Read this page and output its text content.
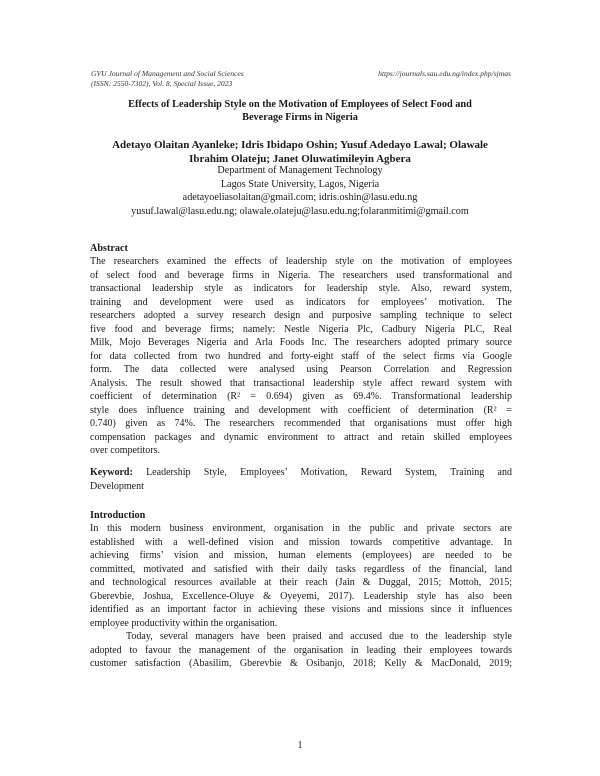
GVU Journal of Management and Social Sciences
(ISSN: 2550-7302), Vol. 8, Special Issue, 2023
https://journals.sau.edu.ng/index.php/sjmas
Effects of Leadership Style on the Motivation of Employees of Select Food and
Beverage Firms in Nigeria
Adetayo Olaitan Ayanleke; Idris Ibidapo Oshin; Yusuf Adedayo Lawal; Olawale
Ibrahim Olateju; Janet Oluwatimileyin Agbera
Department of Management Technology
Lagos State University, Lagos, Nigeria
adetayoeliasolaitan@gmail.com; idris.oshin@lasu.edu.ng
yusuf.lawal@lasu.edu.ng; olawale.olateju@lasu.edu.ng;folaranmitimi@gmail.com
Abstract
The researchers examined the effects of leadership style on the motivation of employees
of select food and beverage firms in Nigeria. The researchers used transformational and
transactional leadership style as indicators for leadership style. Also, reward system,
training and development were used as indicators for employees’ motivation. The
researchers adopted a survey research design and purposive sampling technique to select
five food and beverage firms; namely: Nestle Nigeria Plc, Cadbury Nigeria PLC, Real
Milk, Mojo Beverages Nigeria and Arla Foods Inc. The researchers adopted primary source
for data collected from two hundred and forty-eight staff of the select firms via Google
form. The data collected were analysed using Pearson Correlation and Regression
Analysis. The result showed that transactional leadership style affect reward system with
coefficient of determination (R² = 0.694) given as 69.4%. Transformational leadership
style does influence training and development with coefficient of determination (R² =
0.740) given as 74%. The researchers recommended that organisations must offer high
compensation packages and dynamic environment to attract and retain skilled employees
over competitors.
Keyword: Leadership Style, Employees’ Motivation, Reward System, Training and
Development
Introduction
In this modern business environment, organisation in the public and private sectors are
established with a well-defined vision and mission towards competitive advantage. In
achieving firms’ vision and mission, human elements (employees) are needed to be
committed, motivated and satisfied with their daily tasks regardless of the financial, land
and technological resources available at their reach (Jain & Duggal, 2015; Mottoh, 2015;
Gberevbie, Joshua, Excellence-Oluye & Oyeyemi, 2017). Leadership style has also been
identified as an important factor in achieving these visions and missions since it influences
employee productivity within the organisation.
Today, several managers have been praised and accused due to the leadership style
adopted to favour the management of the organisation in leading their employees towards
customer satisfaction (Abasilim, Gberevbie & Osibanjo, 2018; Kelly & MacDonald, 2019;
1
